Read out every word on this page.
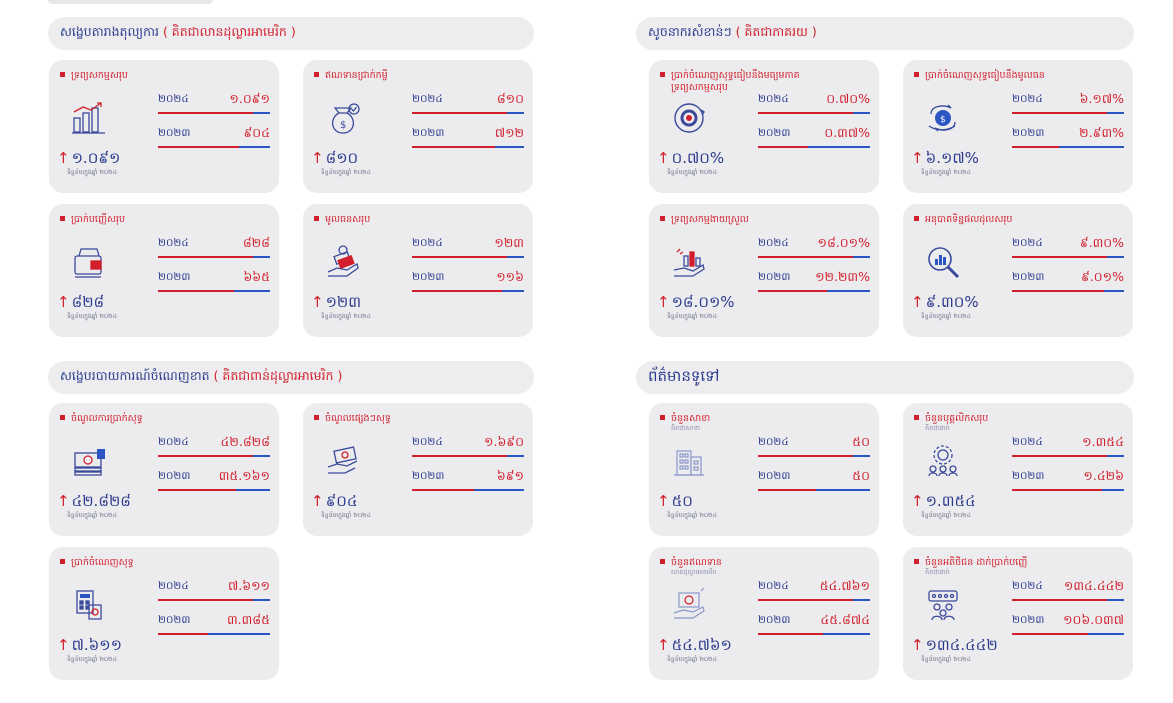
សង្ខេបតារាងតុល្យការ ( គិតជាលានដុល្លារអាមេរិក )	សូចនាករសំខាន់ៗ ( គិតជាភាគរយ )
សង្ខេបរបាយការណ៍ចំណេញខាត ( គិតជាពាន់ដុល្លារអាមេរិក )	ព័ត៌មានទូទៅ
ទ្រព្យសកម្មសរុប
២០២៤	១.០៩១
២០២៣	៩០៤
↑ ១.០៩១
ទិន្នន័យក្នុងឆ្នាំ ២០២៤
ឥណទានជ្រាក់កម្ចី
$
២០២៤	៨១០
២០២៣	៧១២
↑ ៨១០
ទិន្នន័យក្នុងឆ្នាំ ២០២៤
ប្រាក់បញ្ញើសរុប
២០២៤	៨២៨
២០២៣	៦៦៥
↑ ៨២៨
ទិន្នន័យក្នុងឆ្នាំ ២០២៤
មូលធនសរុប
២០២៤	១២៣
២០២៣	១១៦
↑ ១២៣
ទិន្នន័យក្នុងឆ្នាំ ២០២៤
ប្រាក់ចំណេញសុទ្ធធៀបនឹងមធ្យមភាគ
ទ្រព្យសកម្មសរុប
២០២៤	០.៧០%
២០២៣	០.៣៧%
↑ ០.៧០%
ទិន្នន័យក្នុងឆ្នាំ ២០២៤
ប្រាក់ចំណេញសុទ្ធធៀបនឹងមូលធន
$
២០២៤	៦.១៧%
២០២៣	២.៩៣%
↑ ៦.១៧%
ទិន្នន័យក្នុងឆ្នាំ ២០២៤
ទ្រព្យសកម្មងាយស្រួល
២០២៤ ១៨.០១%
២០២៣ ១២.២៣%
↑ ១៨.០១%
ទិន្នន័យក្នុងឆ្នាំ ២០២៤
អនុបាតទិន្នផលដុលសរុប
២០២៤	៩.៣០%
២០២៣	៩.០១%
↑ ៩.៣០%
ទិន្នន័យក្នុងឆ្នាំ ២០២៤
ចំណូលការប្រាក់សុទ្ធ
២០២៤	៤២.៨២៨
២០២៣ ៣៥.១៦១
↑ ៤២.៨២៨
ទិន្នន័យក្នុងឆ្នាំ ២០២៤
ចំណូលផ្សេងៗសុទ្ធ
២០២៤	១.៦៩០
២០២៣	៦៩១
↑ ៩០៤
ទិន្នន័យក្នុងឆ្នាំ ២០២៤
ប្រាក់ចំណេញសុទ្ធ
២០២៤	៧.៦១១
២០២៣	៣.៣៨៥
↑ ៧.៦១១
ទិន្នន័យក្នុងឆ្នាំ ២០២៤
ចំនួនសាខា
គិតជាសាខា
២០២៤	៥០
២០២៣	៥០
↑ ៥០
ទិន្នន័យក្នុងឆ្នាំ ២០២៤
ចំនួនបុគ្គលិកសរុប
គិតជានាក់
២០២៤	១.៣៥៤
២០២៣	១.៤២៦
↑ ១.៣៥៤
ទិន្នន័យក្នុងឆ្នាំ ២០២៤
ចំនួនឥណទាន
លានដុល្លារអាមេរិក
២០២៤ ៥៤.៧៦១
២០២៣ ៤៥.៨៧៤
↑ ៥៤.៧៦១
ទិន្នន័យក្នុងឆ្នាំ ២០២៤
ចំនួនអតិថិជន ដាក់ប្រាក់បញ្ញើ
គិតជានាក់
២០២៤ ១៣៤.៤៤២
២០២៣ ១០៦.០៣៧
↑ ១៣៤.៤៤២
ទិន្នន័យក្នុងឆ្នាំ ២០២៤
